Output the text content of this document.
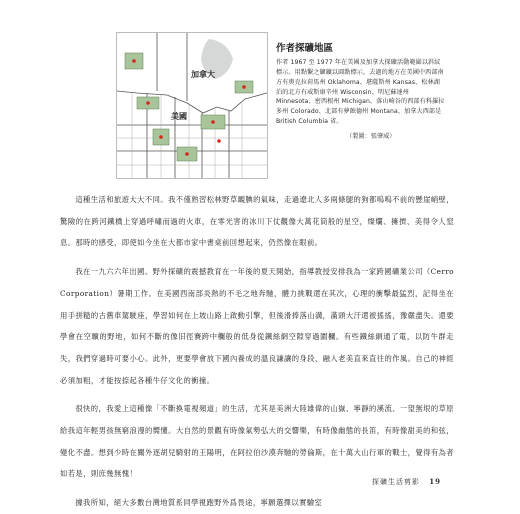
加拿大
美國
作者探礦地區
作者 1967 至 1977 年在美國及加拿大探礦活動範圍以斜紋標示。用點繫之礦鑛以圓點標示，去過的地方在美國中西部南方有奧克拉荷馬州 Oklahoma、堪薩斯州 Kansas、松林湖泊的北方有威斯康辛州 Wisconsin、明尼蘇達州 Minnesota、密西根州 Michigan、落山崎谷的西部有科羅拉多州 Colorado、北部有夢蝕德州 Montana、加拿大西部是 British Columbia 省。
（製圖：張肇威）

這種生活和旅遊大大不同。我不僅熟習松林野草靦腆的氣味，走過遼北人多兩條腿的狗都嗚嗚不前的懸崖峭壁，驚險的在跨河鐵橋上穿過呼嘯而過的火車，在零光害的冰川下仗觀像大萬花筒般的星空，燦爛、擁擠、美得令人窒息。那時的感受，即使如今坐在大都市家中書桌前回想起來，仍然像在眼前。

我在一九六六年出國。野外探礦的震撼教育在一年後的夏天開始，指導教授安排我為一家跨國礦業公司（Cerro Corporation）暑期工作。在美國西南部炎熱的不毛之地奔馳，體力挑戰還在其次，心理的衝擊最猛烈，記得坐在用手拼糙的古舊車駕駛座，學習如何在上坡山路上啟動引擎，但後滑捧落山溝，滿頭大汗還被搖搖，豫嚴盡失。還要學會在空曠的野地，如何不斷的像旧徑賽跨中欄般的低身從鐵絲網空隙穿過圍欄。有些鐵絲網通了電，以防牛群走失，我們穿過時可要小心。此外，更要學會放下國內養成的溫良謙讓的身段，融入老美直來直往的作風。自己的神經必須加粗，才能按捺起各種牛仔文化的衝撞。

很快的，我愛上這種像「不斷換電視頻道」的生活，尤其是美洲大陸雄偉的山嶽、寧靜的溪流、一望無垠的草原給我這年輕男孩無窮浪漫的嚮懂。大自然的景觀有時像氣勢弘大的交響樂，有時像幽態的長笛，有時像甜美的和弦，變化不盡。想到少時在關外逐胡兒騎射的王陽明，在阿拉伯沙漠奔馳的勞倫斯，在十萬大山行軍的戰士，覺得有為者如若是，則庶幾無愧！

據我所知，絕大多數台灣地質系同學視跑野外爲畏途，寧願選擇以實驗室

探礦生活剪影 19
